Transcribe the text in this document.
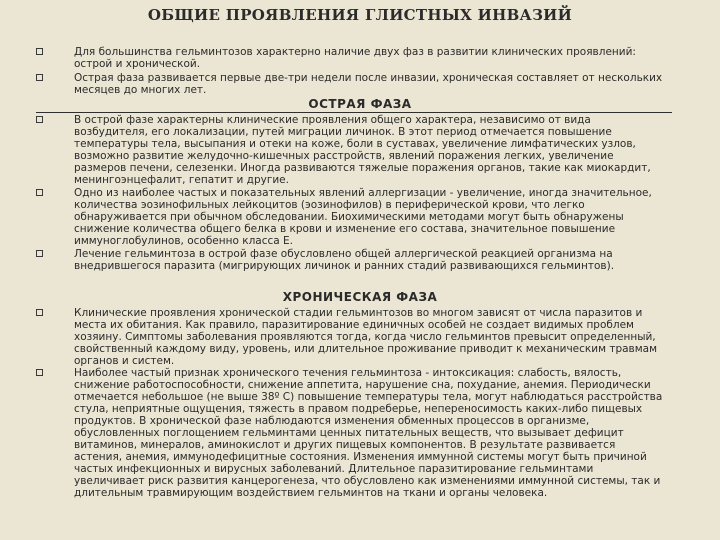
ОБЩИЕ ПРОЯВЛЕНИЯ ГЛИСТНЫХ ИНВАЗИЙ
Для большинства гельминтозов характерно наличие двух фаз в развитии клинических проявлений: острой и хронической.
Острая фаза развивается первые две-три недели после инвазии, хроническая составляет от нескольких месяцев до многих лет.
ОСТРАЯ ФАЗА
В острой фазе характерны клинические проявления общего характера, независимо от вида возбудителя, его локализации, путей миграции личинок. В этот период отмечается повышение температуры тела, высыпания и отеки на коже, боли в суставах, увеличение лимфатических узлов, возможно развитие желудочно-кишечных расстройств, явлений поражения легких, увеличение размеров печени, селезенки. Иногда развиваются тяжелые поражения органов, такие как миокардит, менингоэнцефалит, гепатит и другие.
Одно из наиболее частых и показательных явлений аллергизации - увеличение, иногда значительное, количества эозинофильных лейкоцитов (эозинофилов) в периферической крови, что легко обнаруживается при обычном обследовании. Биохимическими методами могут быть обнаружены снижение количества общего белка в крови и изменение его состава, значительное повышение иммуноглобулинов, особенно класса Е.
Лечение гельминтоза в острой фазе обусловлено общей аллергической реакцией организма на внедрившегося паразита (мигрирующих личинок и ранних стадий развивающихся гельминтов).
ХРОНИЧЕСКАЯ ФАЗА
Клинические проявления хронической стадии гельминтозов во многом зависят от числа паразитов и места их обитания. Как правило, паразитирование единичных особей не создает видимых проблем хозяину. Симптомы заболевания проявляются тогда, когда число гельминтов превысит определенный, свойственный каждому виду, уровень, или длительное проживание приводит к механическим травмам органов и систем.
Наиболее частый признак хронического течения гельминтоза - интоксикация: слабость, вялость, снижение работоспособности, снижение аппетита, нарушение сна, похудание, анемия. Периодически отмечается небольшое (не выше 38º С) повышение температуры тела, могут наблюдаться расстройства стула, неприятные ощущения, тяжесть в правом подреберье, непереносимость каких-либо пищевых продуктов. В хронической фазе наблюдаются изменения обменных процессов в организме, обусловленных поглощением гельминтами ценных питательных веществ, что вызывает дефицит витаминов, минералов, аминокислот и других пищевых компонентов. В результате развивается астения, анемия, иммунодефицитные состояния. Изменения иммунной системы могут быть причиной частых инфекционных и вирусных заболеваний. Длительное паразитирование гельминтами увеличивает риск развития канцерогенеза, что обусловлено как изменениями иммунной системы, так и длительным травмирующим воздействием гельминтов на ткани и органы человека.
